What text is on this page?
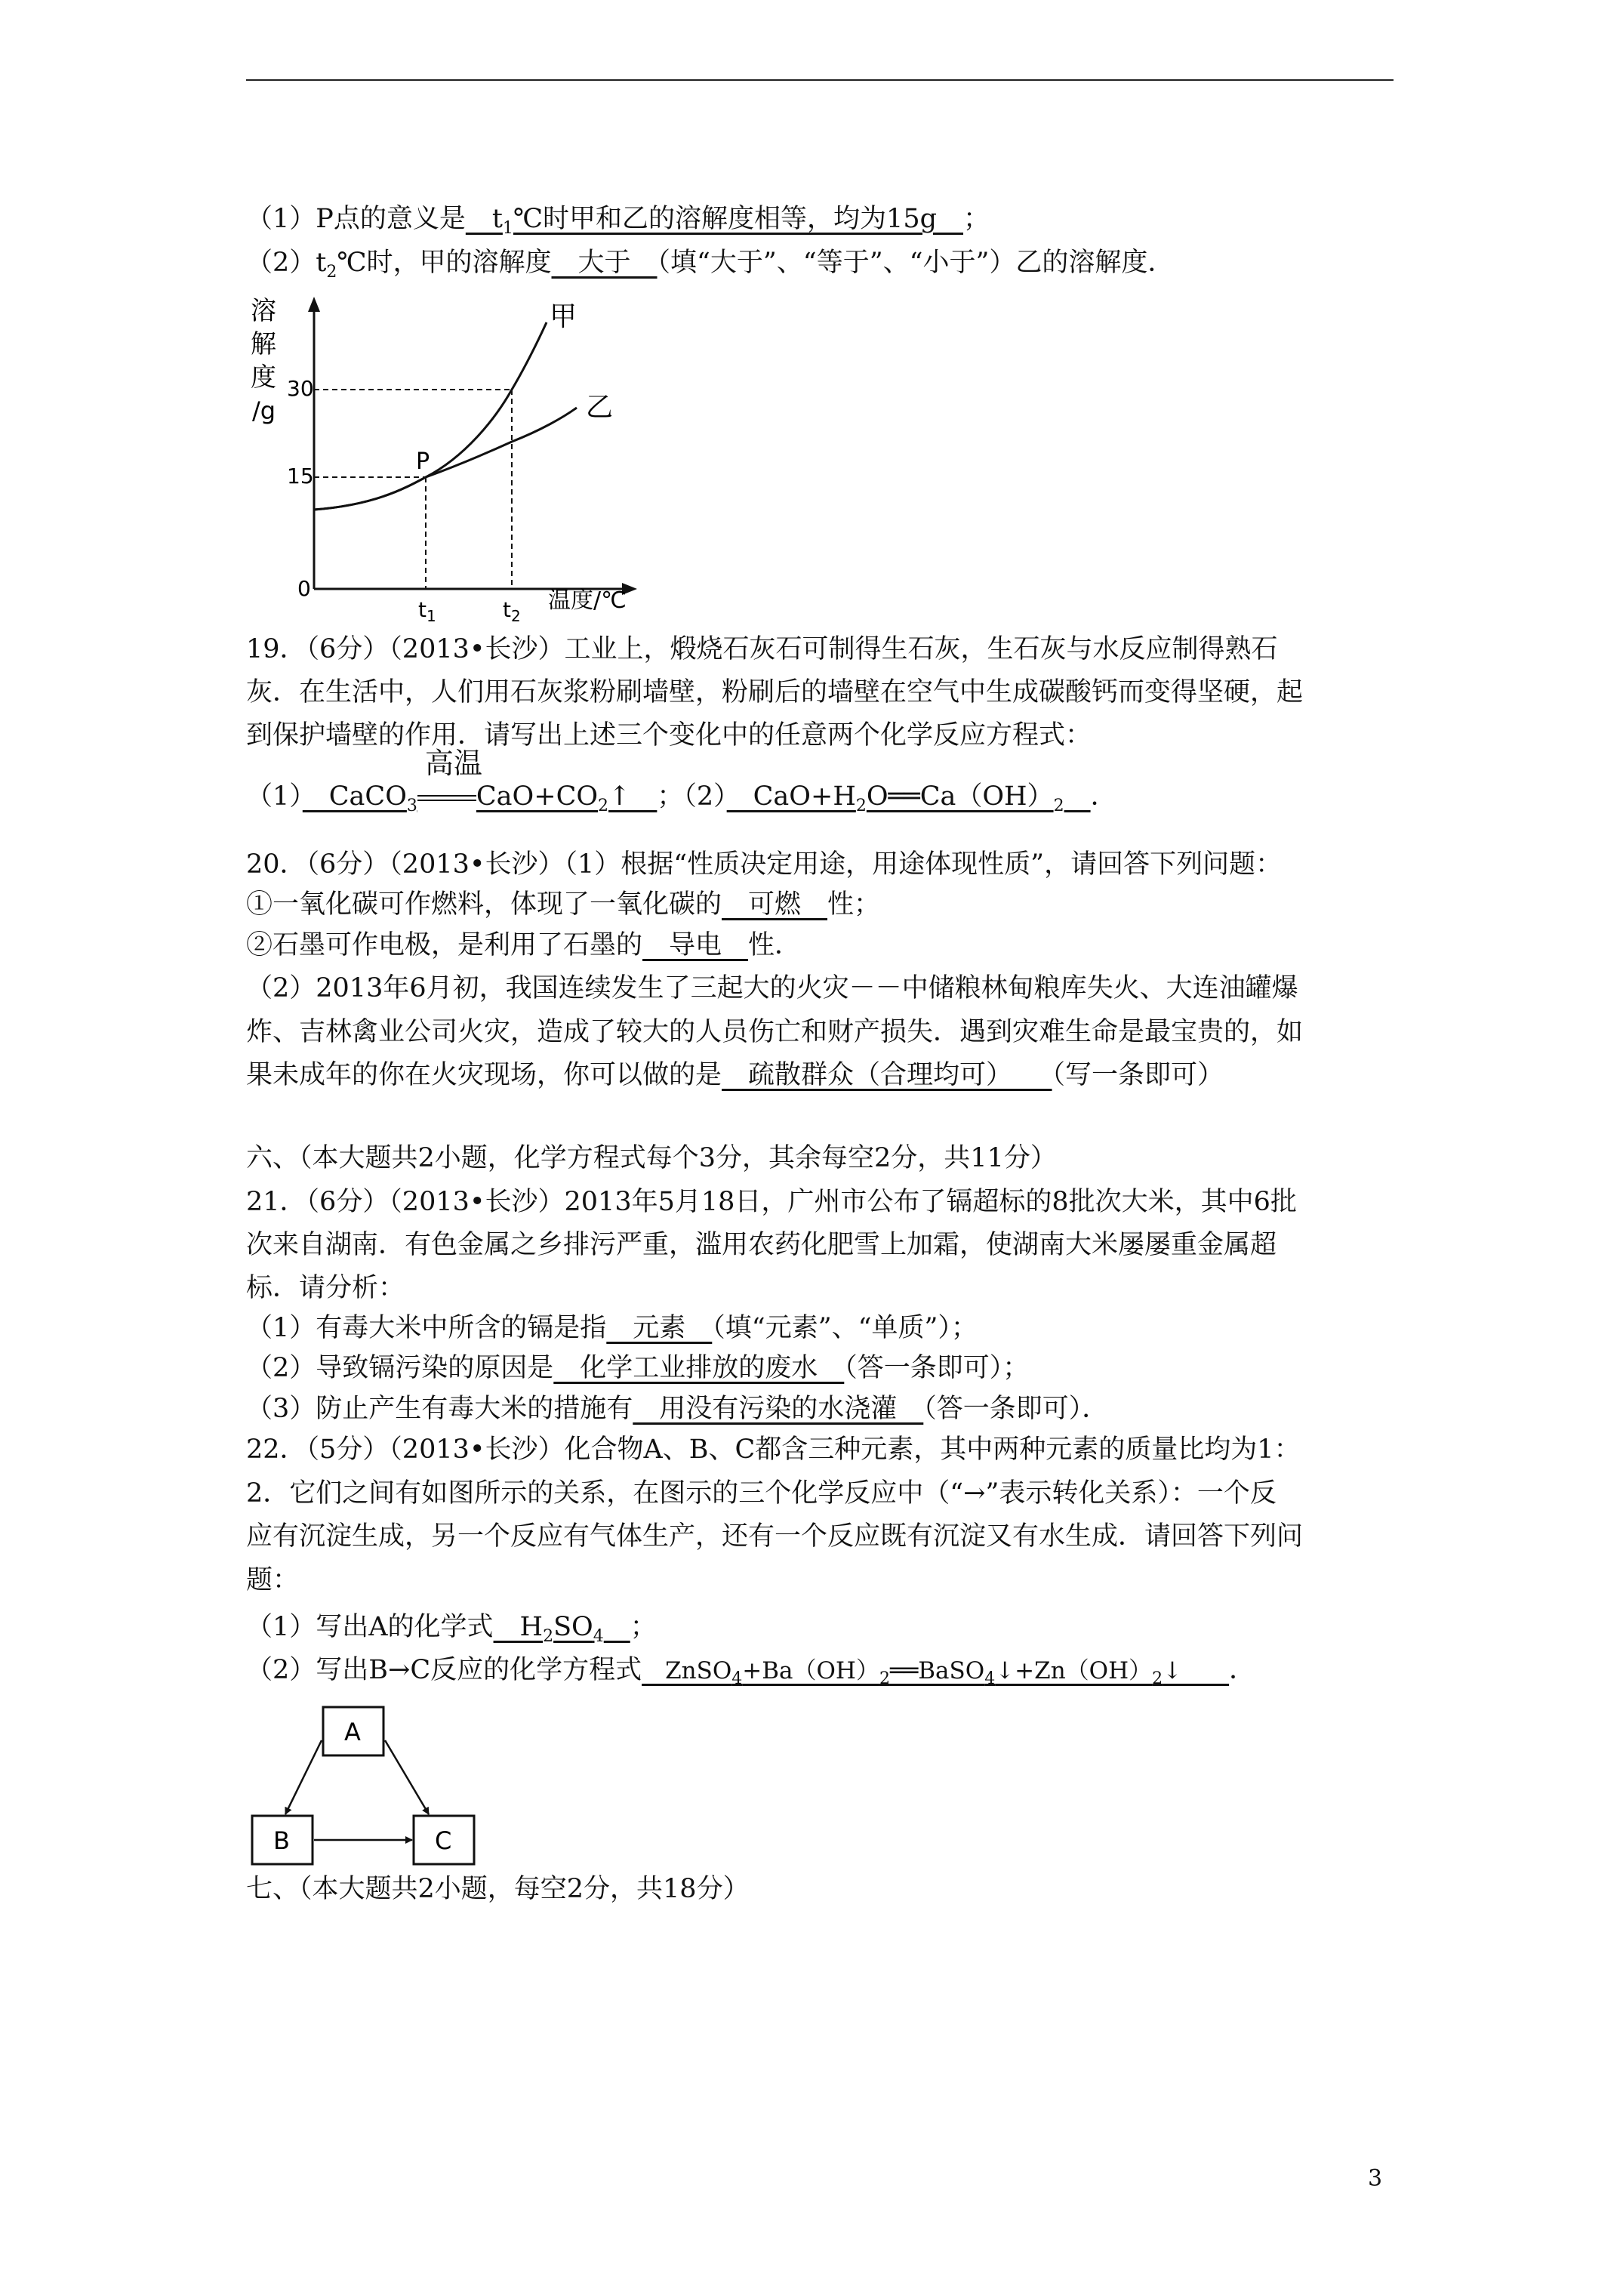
（1）P点的意义是　$t_1℃$时甲和乙的溶解度相等，均为15g　；
$(2)t_2℃$时，甲的溶解度　大于　（填“大于”、“等于”、“小于”）乙的溶解度．
溶
解
度
/g
0
15
30
甲
乙
P
$t_1$	$t_2$
温度/℃
19．（6分）（2013•长沙）工业上，煅烧石灰石可制得生石灰，生石灰与水反应制得熟石
灰．在生活中，人们用石灰浆粉刷墙壁，粉刷后的墙壁在空气中生成碳酸钙而变得坚硬，起
到保护墙壁的作用．请写出上述三个变化中的任意两个化学反应方程式：
（1）　CaCO$_3$
高温
$CaO+CO_2↑$　；（2）　$CaO+H_2O══Ca(OH)_2$　 ．
20．（6分）（2013•长沙）（1）根据“性质决定用途，用途体现性质”，请回答下列问题：
①一氧化碳可作燃料，体现了一氧化碳的　可燃　性；
②石墨可作电极，是利用了石墨的　导电　性．
（2）2013年6月初，我国连续发生了三起大的火灾－－中储粮林甸粮库失火、大连油罐爆
炸、吉林禽业公司火灾，造成了较大的人员伤亡和财产损失．遇到灾难生命是最宝贵的，如
果未成年的你在火灾现场，你可以做的是　疏散群众（合理均可）　　（写一条即可）
六、（本大题共2小题，化学方程式每个3分，其余每空2分，共11分）
21．（6分）（2013•长沙）2013年5月18日，广州市公布了镉超标的8批次大米，其中6批
次来自湖南．有色金属之乡排污严重，滥用农药化肥雪上加霜，使湖南大米屡屡重金属超
标．请分析：
（1）有毒大米中所含的镉是指　元素　（填“元素”、“单质”）；
（2）导致镉污染的原因是　化学工业排放的废水　（答一条即可）；
（3）防止产生有毒大米的措施有　用没有污染的水浇灌　（答一条即可）．
22．（5分）（2013•长沙）化合物A、B、C都含三种元素，其中两种元素的质量比均为1：
2．它们之间有如图所示的关系，在图示的三个化学反应中（“→”表示转化关系）：一个反
应有沉淀生成，另一个反应有气体生产，还有一个反应既有沉淀又有水生成．请回答下列问
题：
（1）写出A的化学式　$H_2SO_4$　 ；
（2）写出B→C反应的化学方程式　$ZnSO_4+Ba(OH)_2══BaSO_4↓+Zn(OH)_2↓$　　．
A
B	C
七、（本大题共2小题，每空2分，共18分）
3
